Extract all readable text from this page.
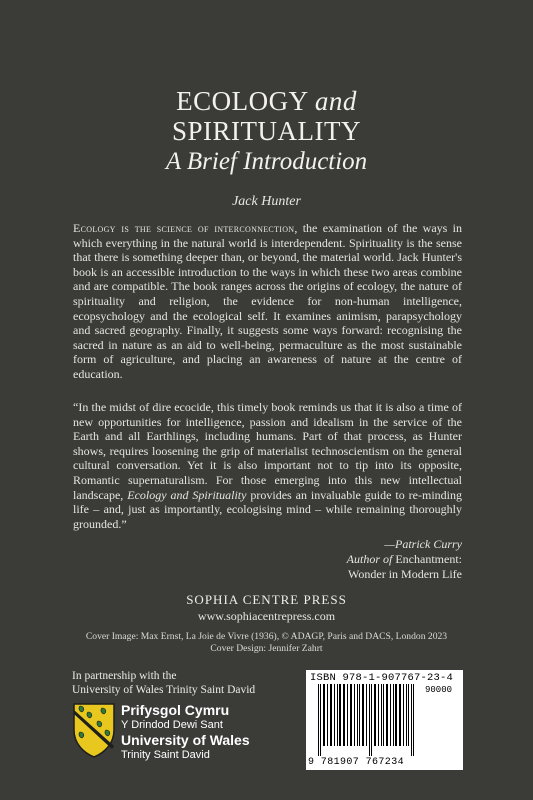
ECOLOGY and
SPIRITUALITY
A Brief Introduction
Jack Hunter
Ecology is the science of interconnection, the examination of the ways in which everything in the natural world is interdependent. Spirituality is the sense that there is something deeper than, or beyond, the material world. Jack Hunter's book is an accessible introduction to the ways in which these two areas combine and are compatible. The book ranges across the origins of ecology, the nature of spirituality and religion, the evidence for non-human intelligence, ecopsychology and the ecological self. It examines animism, parapsychology and sacred geography. Finally, it suggests some ways forward: recognising the sacred in nature as an aid to well-being, permaculture as the most sustainable form of agriculture, and placing an awareness of nature at the centre of education.
“In the midst of dire ecocide, this timely book reminds us that it is also a time of new opportunities for intelligence, passion and idealism in the service of the Earth and all Earthlings, including humans. Part of that process, as Hunter shows, requires loosening the grip of materialist technoscientism on the general cultural conversation. Yet it is also important not to tip into its opposite, Romantic supernaturalism. For those emerging into this new intellectual landscape, Ecology and Spirituality provides an invaluable guide to re-minding life – and, just as importantly, ecologising mind – while remaining thoroughly grounded.”
—Patrick Curry
Author of Enchantment:
Wonder in Modern Life
SOPHIA CENTRE PRESS
www.sophiacentrepress.com
Cover Image: Max Ernst, La Joie de Vivre (1936), © ADAGP, Paris and DACS, London 2023
Cover Design: Jennifer Zahrt
In partnership with the
University of Wales Trinity Saint David
Prifysgol Cymru
Y Drindod Dewi Sant
University of Wales
Trinity Saint David
ISBN 978-1-907767-23-4
90000
9 781907 767234
